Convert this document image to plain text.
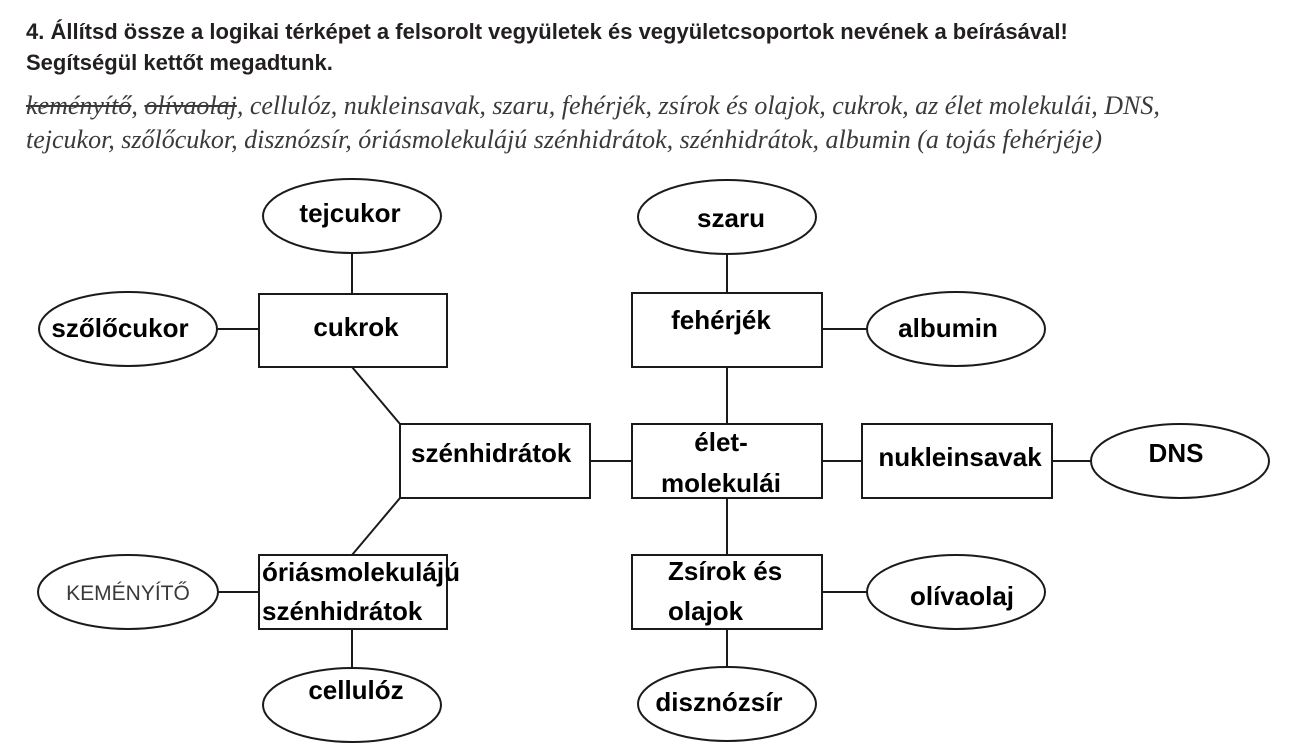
4. Állítsd össze a logikai térképet a felsorolt vegyületek és vegyületcsoportok nevének a beírásával!
Segítségül kettőt megadtunk.
keményítő, olívaolaj, cellulóz, nukleinsavak, szaru, fehérjék, zsírok és olajok, cukrok, az élet molekulái, DNS,
tejcukor, szőlőcukor, disznózsír, óriásmolekulájú szénhidrátok, szénhidrátok, albumin (a tojás fehérjéje)
tejcukor
szőlőcukor
KEMÉNYÍTŐ
cellulóz
szaru
albumin
DNS
olívaolaj
disznózsír
cukrok
óriásmolekulájú
szénhidrátok
fehérjék
nukleinsavak
Zsírok és
olajok
szénhidrátok	élet-
molekulái
